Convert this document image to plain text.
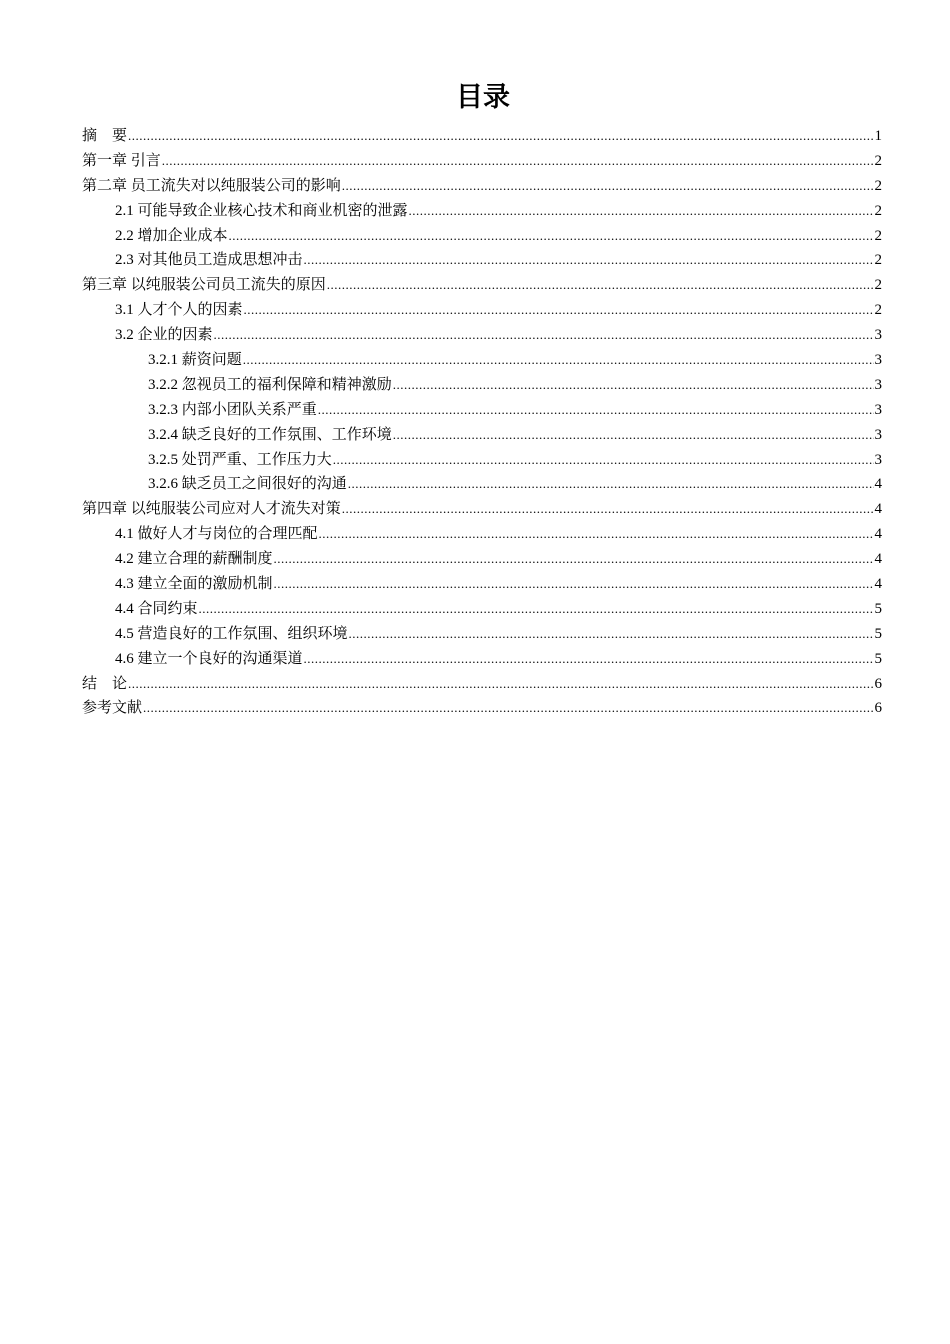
目录
摘　要 .....	1
第一章 引言 .....	2
第二章 员工流失对以纯服装公司的影响 .....	2
2.1 可能导致企业核心技术和商业机密的泄露 .....	2
2.2 增加企业成本 .....	2
2.3 对其他员工造成思想冲击 .....	2
第三章 以纯服装公司员工流失的原因 .....	2
3.1 人才个人的因素 .....	2
3.2 企业的因素 .....	3
3.2.1 薪资问题 .....	3
3.2.2 忽视员工的福利保障和精神激励 .....	3
3.2.3 内部小团队关系严重 .....	3
3.2.4 缺乏良好的工作氛围、工作环境 .....	3
3.2.5 处罚严重、工作压力大 .....	3
3.2.6 缺乏员工之间很好的沟通 .....	4
第四章 以纯服装公司应对人才流失对策 .....	4
4.1 做好人才与岗位的合理匹配 .....	4
4.2 建立合理的薪酬制度 .....	4
4.3 建立全面的激励机制 .....	4
4.4 合同约束 .....	5
4.5 营造良好的工作氛围、组织环境 .....	5
4.6 建立一个良好的沟通渠道 .....	5
结　论 .....	6
参考文献 .....	6
